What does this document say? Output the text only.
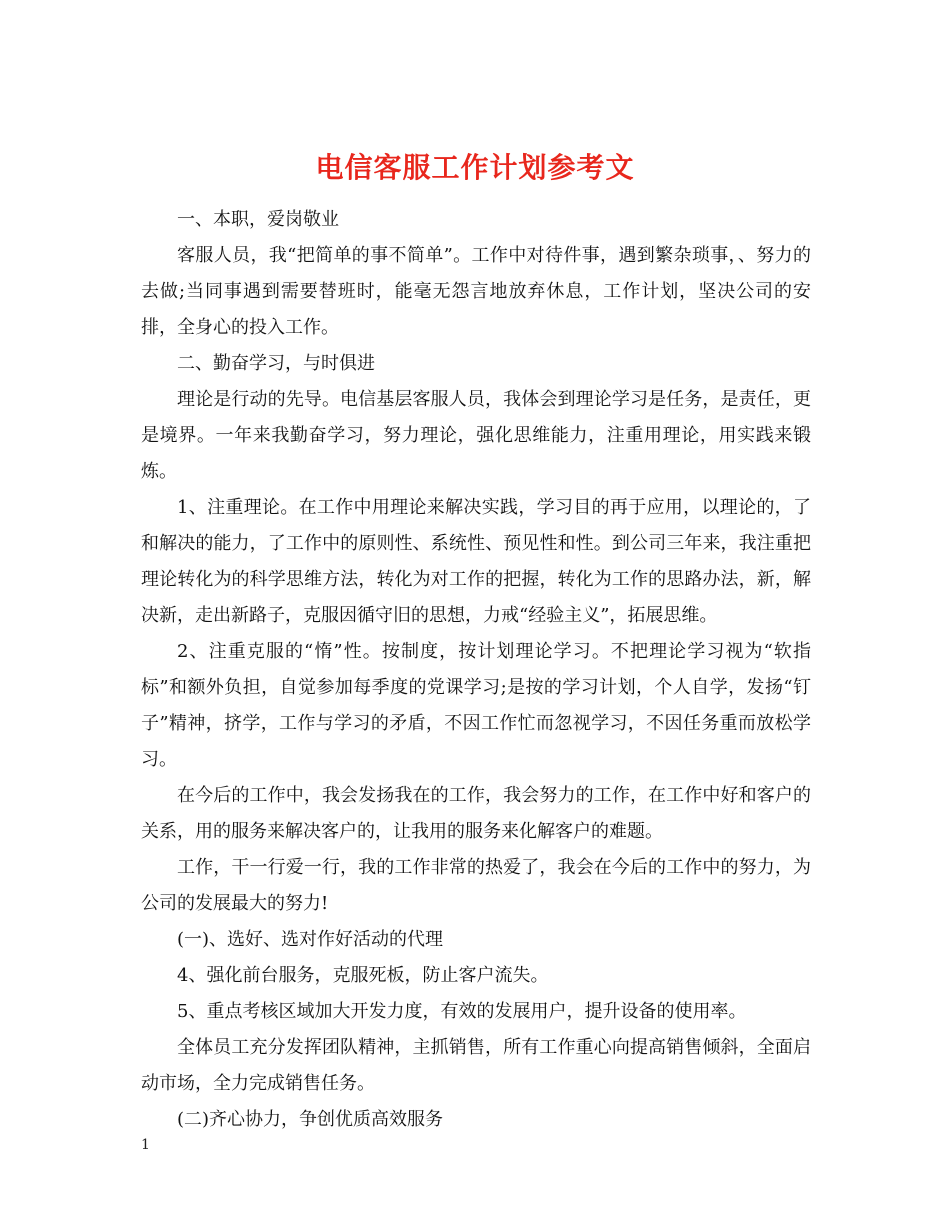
电信客服工作计划参考文

一、本职，爱岗敬业

客服人员，我“把简单的事不简单”。工作中对待件事，遇到繁杂琐事，、努力的去做;当同事遇到需要替班时，能毫无怨言地放弃休息，工作计划，坚决公司的安排，全身心的投入工作。

二、勤奋学习，与时俱进

理论是行动的先导。电信基层客服人员，我体会到理论学习是任务，是责任，更是境界。一年来我勤奋学习，努力理论，强化思维能力，注重用理论，用实践来锻炼。

1、注重理论。在工作中用理论来解决实践，学习目的再于应用，以理论的，了和解决的能力，了工作中的原则性、系统性、预见性和性。到公司三年来，我注重把理论转化为的科学思维方法，转化为对工作的把握，转化为工作的思路办法，新，解决新，走出新路子，克服因循守旧的思想，力戒“经验主义”，拓展思维。

2、注重克服的“惰”性。按制度，按计划理论学习。不把理论学习视为“软指标”和额外负担，自觉参加每季度的党课学习;是按的学习计划，个人自学，发扬“钉子”精神，挤学，工作与学习的矛盾，不因工作忙而忽视学习，不因任务重而放松学习。

在今后的工作中，我会发扬我在的工作，我会努力的工作，在工作中好和客户的关系，用的服务来解决客户的，让我用的服务来化解客户的难题。

工作，干一行爱一行，我的工作非常的热爱了，我会在今后的工作中的努力，为公司的发展最大的努力!

(一)、选好、选对作好活动的代理

4、强化前台服务，克服死板，防止客户流失。

5、重点考核区域加大开发力度，有效的发展用户，提升设备的使用率。

全体员工充分发挥团队精神，主抓销售，所有工作重心向提高销售倾斜，全面启动市场，全力完成销售任务。

(二)齐心协力，争创优质高效服务

1
